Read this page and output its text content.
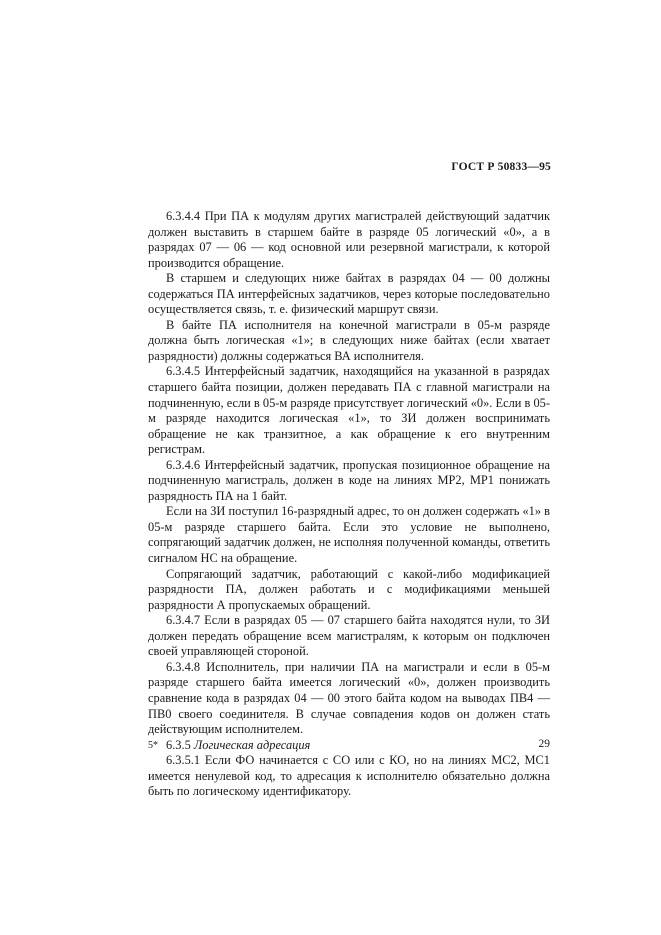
ГОСТ Р 50833—95

6.3.4.4 При ПА к модулям других магистралей действующий задатчик должен выставить в старшем байте в разряде 05 логический «0», а в разрядах 07 — 06 — код основной или резервной магистрали, к которой производится обращение.

В старшем и следующих ниже байтах в разрядах 04 — 00 должны содержаться ПА интерфейсных задатчиков, через которые последовательно осуществляется связь, т. е. физический маршрут связи.

В байте ПА исполнителя на конечной магистрали в 05-м разряде должна быть логическая «1»; в следующих ниже байтах (если хватает разрядности) должны содержаться ВА исполнителя.

6.3.4.5 Интерфейсный задатчик, находящийся на указанной в разрядах старшего байта позиции, должен передавать ПА с главной магистрали на подчиненную, если в 05-м разряде присутствует логический «0». Если в 05-м разряде находится логическая «1», то ЗИ должен воспринимать обращение не как транзитное, а как обращение к его внутренним регистрам.

6.3.4.6 Интерфейсный задатчик, пропуская позиционное обращение на подчиненную магистраль, должен в коде на линиях МР2, МР1 понижать разрядность ПА на 1 байт.

Если на ЗИ поступил 16-разрядный адрес, то он должен содержать «1» в 05-м разряде старшего байта. Если это условие не выполнено, сопрягающий задатчик должен, не исполняя полученной команды, ответить сигналом НС на обращение.

Сопрягающий задатчик, работающий с какой-либо модификацией разрядности ПА, должен работать и с модификациями меньшей разрядности А пропускаемых обращений.

6.3.4.7 Если в разрядах 05 — 07 старшего байта находятся нули, то ЗИ должен передать обращение всем магистралям, к которым он подключен своей управляющей стороной.

6.3.4.8 Исполнитель, при наличии ПА на магистрали и если в 05-м разряде старшего байта имеется логический «0», должен производить сравнение кода в разрядах 04 — 00 этого байта кодом на выводах ПВ4 — ПВ0 своего соединителя. В случае совпадения кодов он должен стать действующим исполнителем.

6.3.5 Логическая адресация

6.3.5.1 Если ФО начинается с СО или с КО, но на линиях МС2, МС1 имеется ненулевой код, то адресация к исполнителю обязательно должна быть по логическому идентификатору.

5*	29
